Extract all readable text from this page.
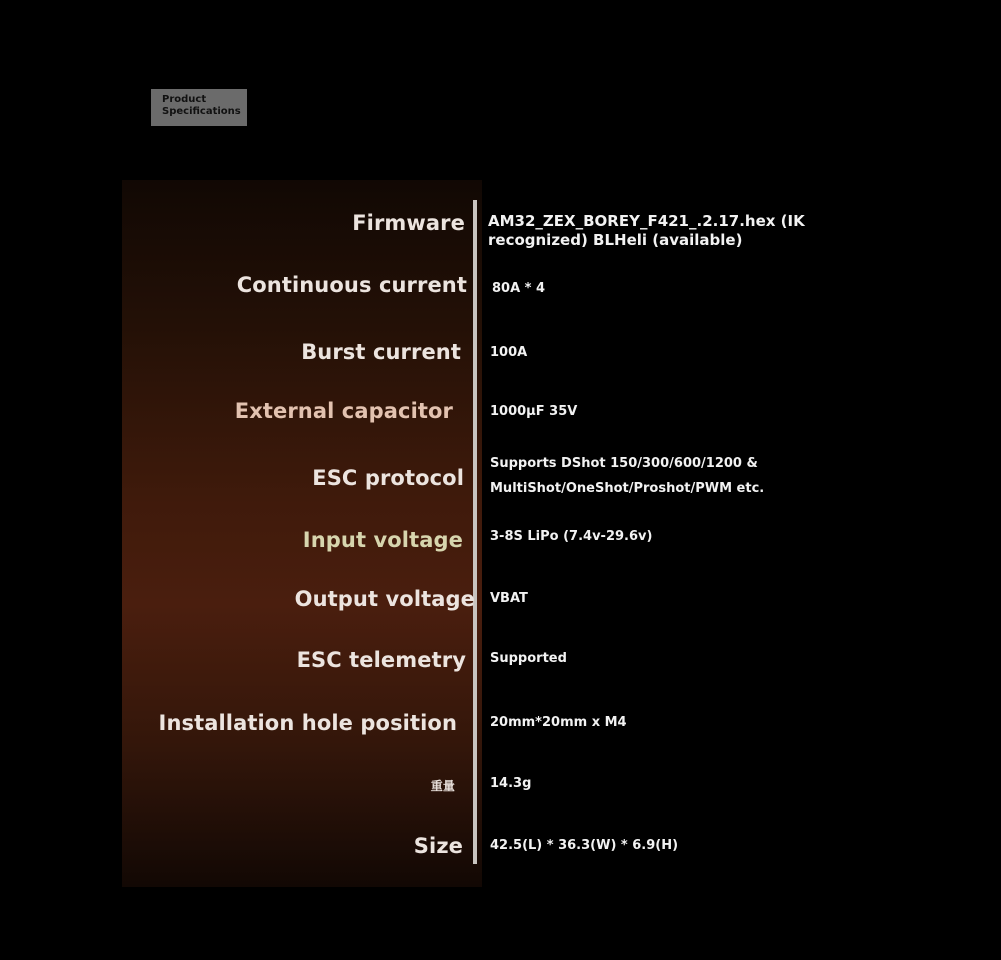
Product
Specifications
Firmware AM32_ZEX_BOREY_F421_.2.17.hex (IK
recognized) BLHeli (available)
Continuous current 80A * 4
Burst current 100A
External capacitor	1000μF 35V
ESC protocol
Supports DShot 150/300/600/1200 &
MultiShot/OneShot/Proshot/PWM etc.
Input voltage 3-8S LiPo (7.4v-29.6v)
Output voltage VBAT
ESC telemetry Supported
Installation hole position	20mm*20mm x M4
重量	14.3g
Size 42.5(L) * 36.3(W) * 6.9(H)
